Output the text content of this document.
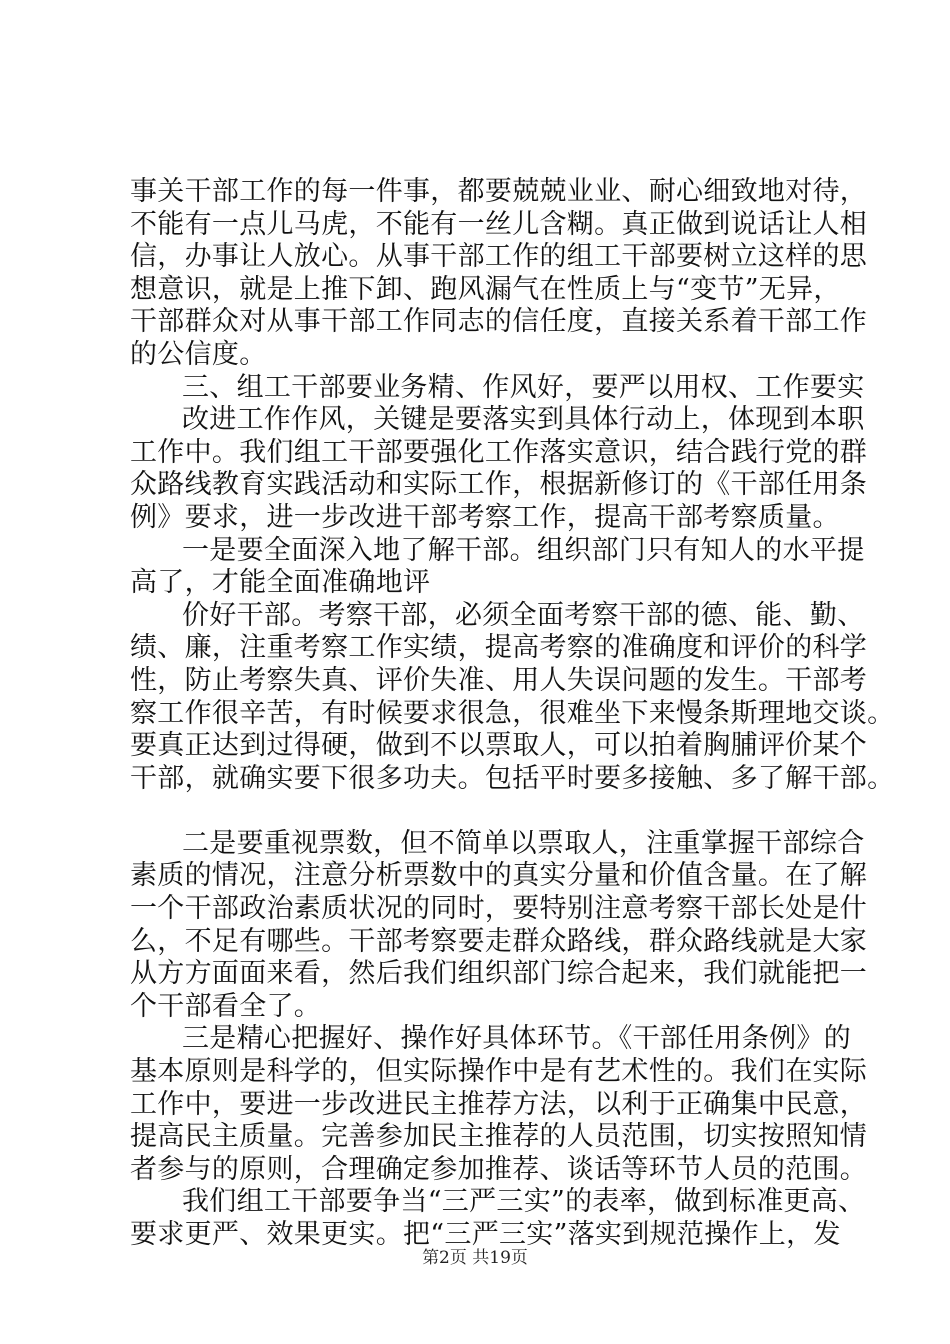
事关干部工作的每一件事，都要兢兢业业、耐心细致地对待，
不能有一点儿马虎，不能有一丝儿含糊。真正做到说话让人相
信，办事让人放心。从事干部工作的组工干部要树立这样的思
想意识，就是上推下卸、跑风漏气在性质上与“变节”无异，
干部群众对从事干部工作同志的信任度，直接关系着干部工作
的公信度。
三、组工干部要业务精、作风好，要严以用权、工作要实
改进工作作风，关键是要落实到具体行动上，体现到本职
工作中。我们组工干部要强化工作落实意识，结合践行党的群
众路线教育实践活动和实际工作，根据新修订的《干部任用条
例》要求，进一步改进干部考察工作，提高干部考察质量。
一是要全面深入地了解干部。组织部门只有知人的水平提
高了，才能全面准确地评
价好干部。考察干部，必须全面考察干部的德、能、勤、
绩、廉，注重考察工作实绩，提高考察的准确度和评价的科学
性，防止考察失真、评价失准、用人失误问题的发生。干部考
察工作很辛苦，有时候要求很急，很难坐下来慢条斯理地交谈。
要真正达到过得硬，做到不以票取人，可以拍着胸脯评价某个
干部，就确实要下很多功夫。包括平时要多接触、多了解干部。
二是要重视票数，但不简单以票取人，注重掌握干部综合
素质的情况，注意分析票数中的真实分量和价值含量。在了解
一个干部政治素质状况的同时，要特别注意考察干部长处是什
么，不足有哪些。干部考察要走群众路线，群众路线就是大家
从方方面面来看，然后我们组织部门综合起来，我们就能把一
个干部看全了。
三是精心把握好、操作好具体环节。《干部任用条例》的
基本原则是科学的，但实际操作中是有艺术性的。我们在实际
工作中，要进一步改进民主推荐方法，以利于正确集中民意，
提高民主质量。完善参加民主推荐的人员范围，切实按照知情
者参与的原则，合理确定参加推荐、谈话等环节人员的范围。
我们组工干部要争当“三严三实”的表率，做到标准更高、
要求更严、效果更实。把“三严三实”落实到规范操作上，发
第2页 共19页
